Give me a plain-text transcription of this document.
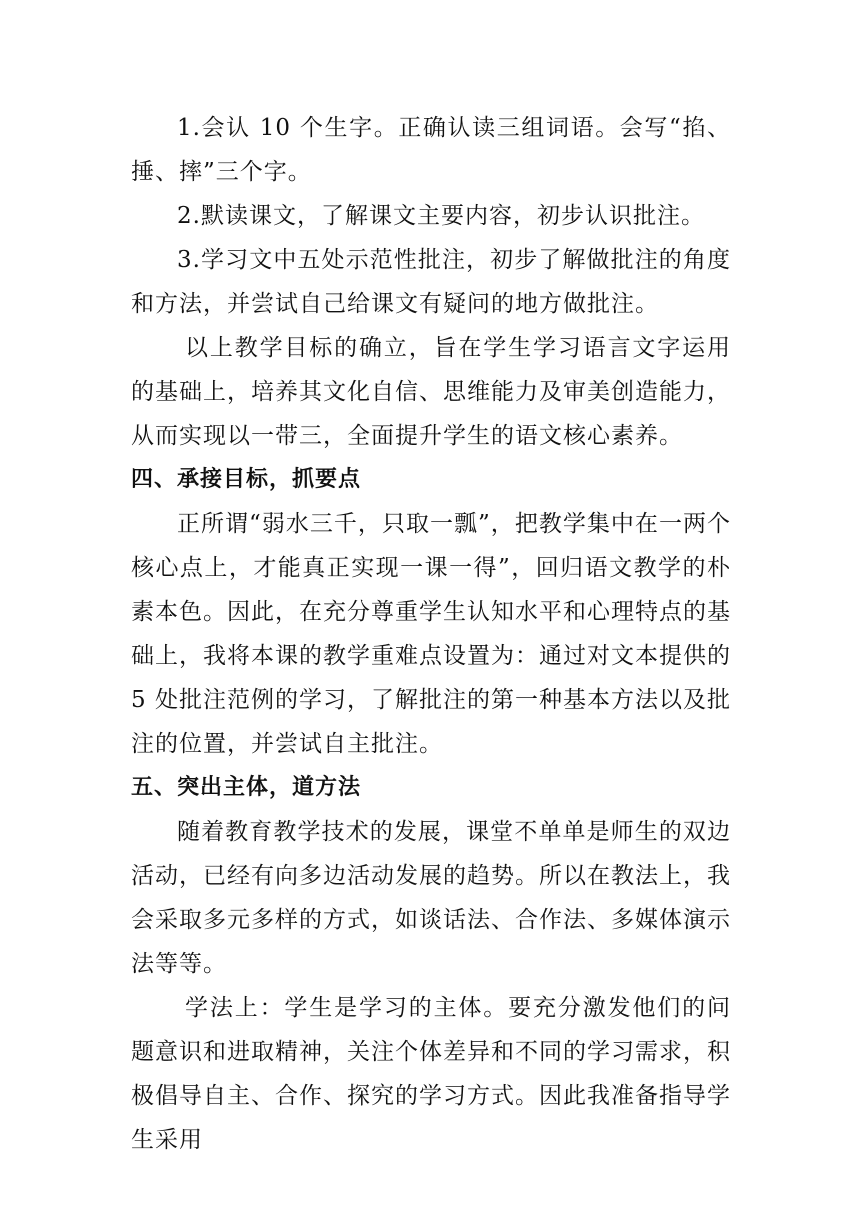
1.会认 10 个生字。正确认读三组词语。会写“掐、捶、摔”三个字。

2.默读课文，了解课文主要内容，初步认识批注。

3.学习文中五处示范性批注，初步了解做批注的角度和方法，并尝试自己给课文有疑问的地方做批注。

以上教学目标的确立，旨在学生学习语言文字运用的基础上，培养其文化自信、思维能力及审美创造能力，从而实现以一带三，全面提升学生的语文核心素养。

四、承接目标，抓要点

正所谓“弱水三千，只取一瓢”，把教学集中在一两个核心点上，才能真正实现一课一得”，回归语文教学的朴素本色。因此，在充分尊重学生认知水平和心理特点的基础上，我将本课的教学重难点设置为：通过对文本提供的 5 处批注范例的学习，了解批注的第一种基本方法以及批注的位置，并尝试自主批注。

五、突出主体，道方法

随着教育教学技术的发展，课堂不单单是师生的双边活动，已经有向多边活动发展的趋势。所以在教法上，我会采取多元多样的方式，如谈话法、合作法、多媒体演示法等等。

学法上：学生是学习的主体。要充分激发他们的问题意识和进取精神，关注个体差异和不同的学习需求，积极倡导自主、合作、探究的学习方式。因此我准备指导学生采用
